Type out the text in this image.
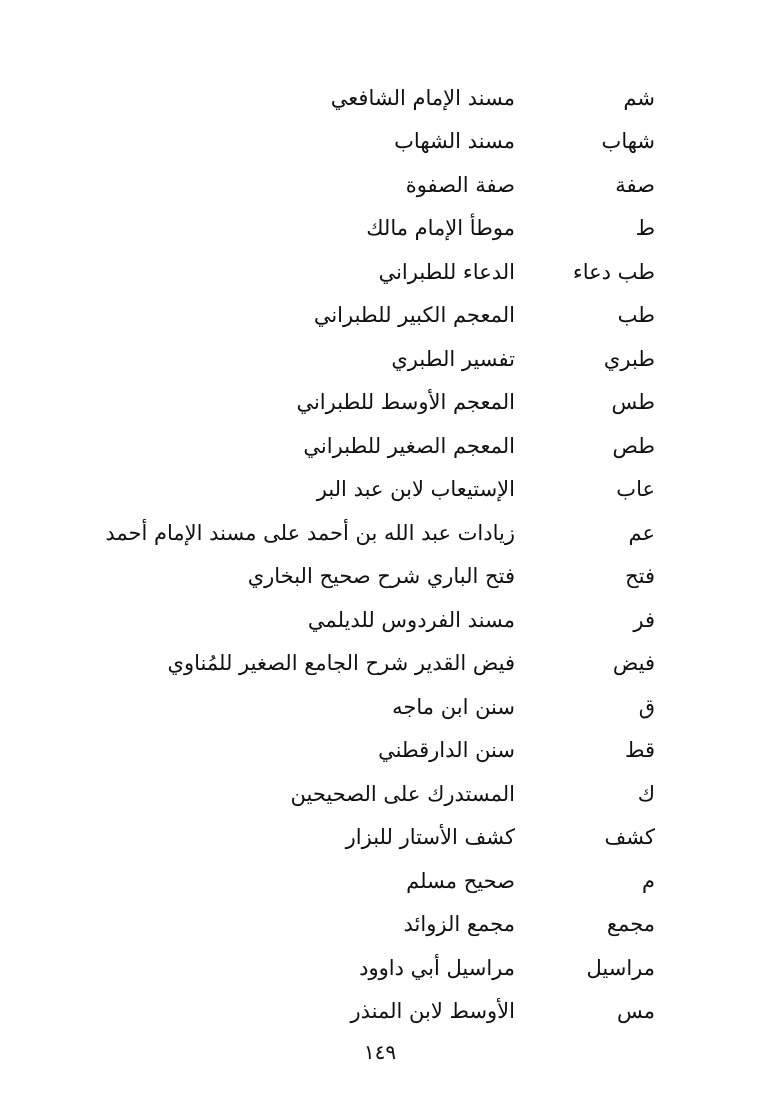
شم
مسند الإمام الشافعي
شهاب
مسند الشهاب
صفة
صفة الصفوة
ط
موطأ الإمام مالك
طب دعاء
الدعاء للطبراني
طب
المعجم الكبير للطبراني
طبري
تفسير الطبري
طس
المعجم الأوسط للطبراني
طص
المعجم الصغير للطبراني
عاب
الإستيعاب لابن عبد البر
عم
زيادات عبد الله بن أحمد على مسند الإمام أحمد
فتح
فتح الباري شرح صحيح البخاري
فر
مسند الفردوس للديلمي
فيض
فيض القدير شرح الجامع الصغير للمُناوي
ق
سنن ابن ماجه
قط
سنن الدارقطني
ك
المستدرك على الصحيحين
كشف
كشف الأستار للبزار
م
صحيح مسلم
مجمع
مجمع الزوائد
مراسيل
مراسيل أبي داوود
مس
الأوسط لابن المنذر
١٤٩
